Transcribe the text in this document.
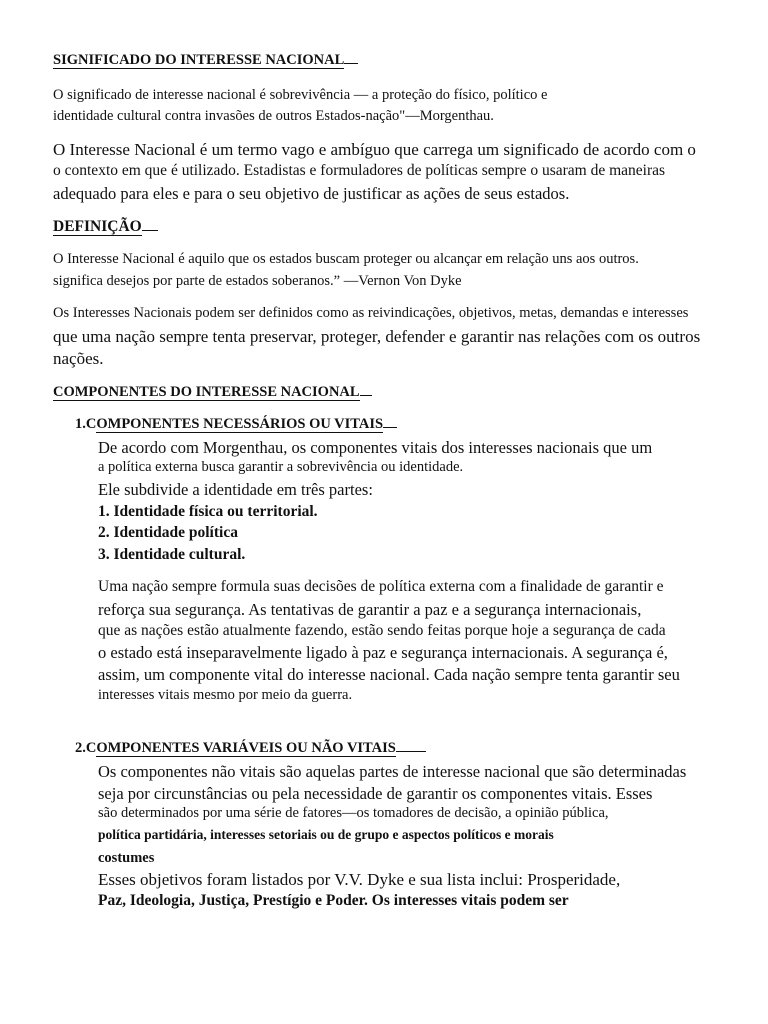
SIGNIFICADO DO INTERESSE NACIONAL
O significado de interesse nacional é sobrevivência — a proteção do físico, político e
identidade cultural contra invasões de outros Estados-nação"—Morgenthau.
O Interesse Nacional é um termo vago e ambíguo que carrega um significado de acordo com o
o contexto em que é utilizado. Estadistas e formuladores de políticas sempre o usaram de maneiras
adequado para eles e para o seu objetivo de justificar as ações de seus estados.
DEFINIÇÃO
O Interesse Nacional é aquilo que os estados buscam proteger ou alcançar em relação uns aos outros.
significa desejos por parte de estados soberanos.” —Vernon Von Dyke
Os Interesses Nacionais podem ser definidos como as reivindicações, objetivos, metas, demandas e interesses
que uma nação sempre tenta preservar, proteger, defender e garantir nas relações com os outros
nações.
COMPONENTES DO INTERESSE NACIONAL
1.COMPONENTES NECESSÁRIOS OU VITAIS
De acordo com Morgenthau, os componentes vitais dos interesses nacionais que um
a política externa busca garantir a sobrevivência ou identidade.
Ele subdivide a identidade em três partes:
1. Identidade física ou territorial.
2. Identidade política
3. Identidade cultural.
Uma nação sempre formula suas decisões de política externa com a finalidade de garantir e
reforça sua segurança. As tentativas de garantir a paz e a segurança internacionais,
que as nações estão atualmente fazendo, estão sendo feitas porque hoje a segurança de cada
o estado está inseparavelmente ligado à paz e segurança internacionais. A segurança é,
assim, um componente vital do interesse nacional. Cada nação sempre tenta garantir seu
interesses vitais mesmo por meio da guerra.
2.COMPONENTES VARIÁVEIS OU NÃO VITAIS
Os componentes não vitais são aquelas partes de interesse nacional que são determinadas
seja por circunstâncias ou pela necessidade de garantir os componentes vitais. Esses
são determinados por uma série de fatores—os tomadores de decisão, a opinião pública,
política partidária, interesses setoriais ou de grupo e aspectos políticos e morais
costumes
Esses objetivos foram listados por V.V. Dyke e sua lista inclui: Prosperidade,
Paz, Ideologia, Justiça, Prestígio e Poder. Os interesses vitais podem ser
